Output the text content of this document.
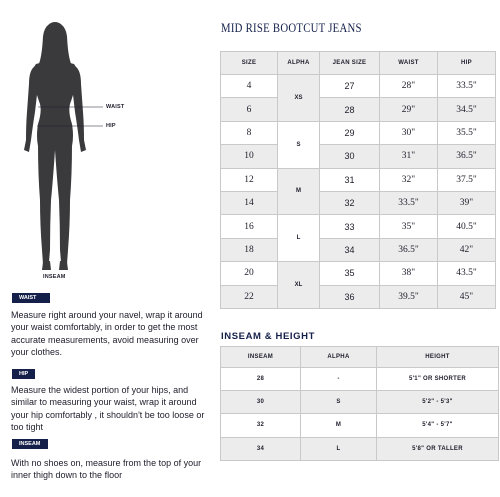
WAIST
HIP
INSEAM
WAIST
Measure right around your navel, wrap it around your waist comfortably, in order to get the most accurate measurements, avoid measuring over your clothes.
HIP
Measure the widest portion of your hips, and similar to measuring your waist, wrap it around your hip comfortably , it shouldn't be too loose or too tight
INSEAM
With no shoes on, measure from the top of your inner thigh down to the floor
MID RISE BOOTCUT JEANS
SIZE	ALPHA	JEAN SIZE	WAIST	HIP
4	XS	27	28"	33.5"
6		28	29"	34.5"
8	S	29	30"	35.5"
10		30	31"	36.5"
12	M	31	32"	37.5"
14		32	33.5"	39"
16	L	33	35"	40.5"
18		34	36.5"	42"
20	XL	35	38"	43.5"
22		36	39.5"	45"
INSEAM & HEIGHT
INSEAM	ALPHA	HEIGHT
28	-	5'1" OR SHORTER
30	S	5'2" - 5'3"
32	M	5'4" - 5'7"
34	L	5'8" OR TALLER
